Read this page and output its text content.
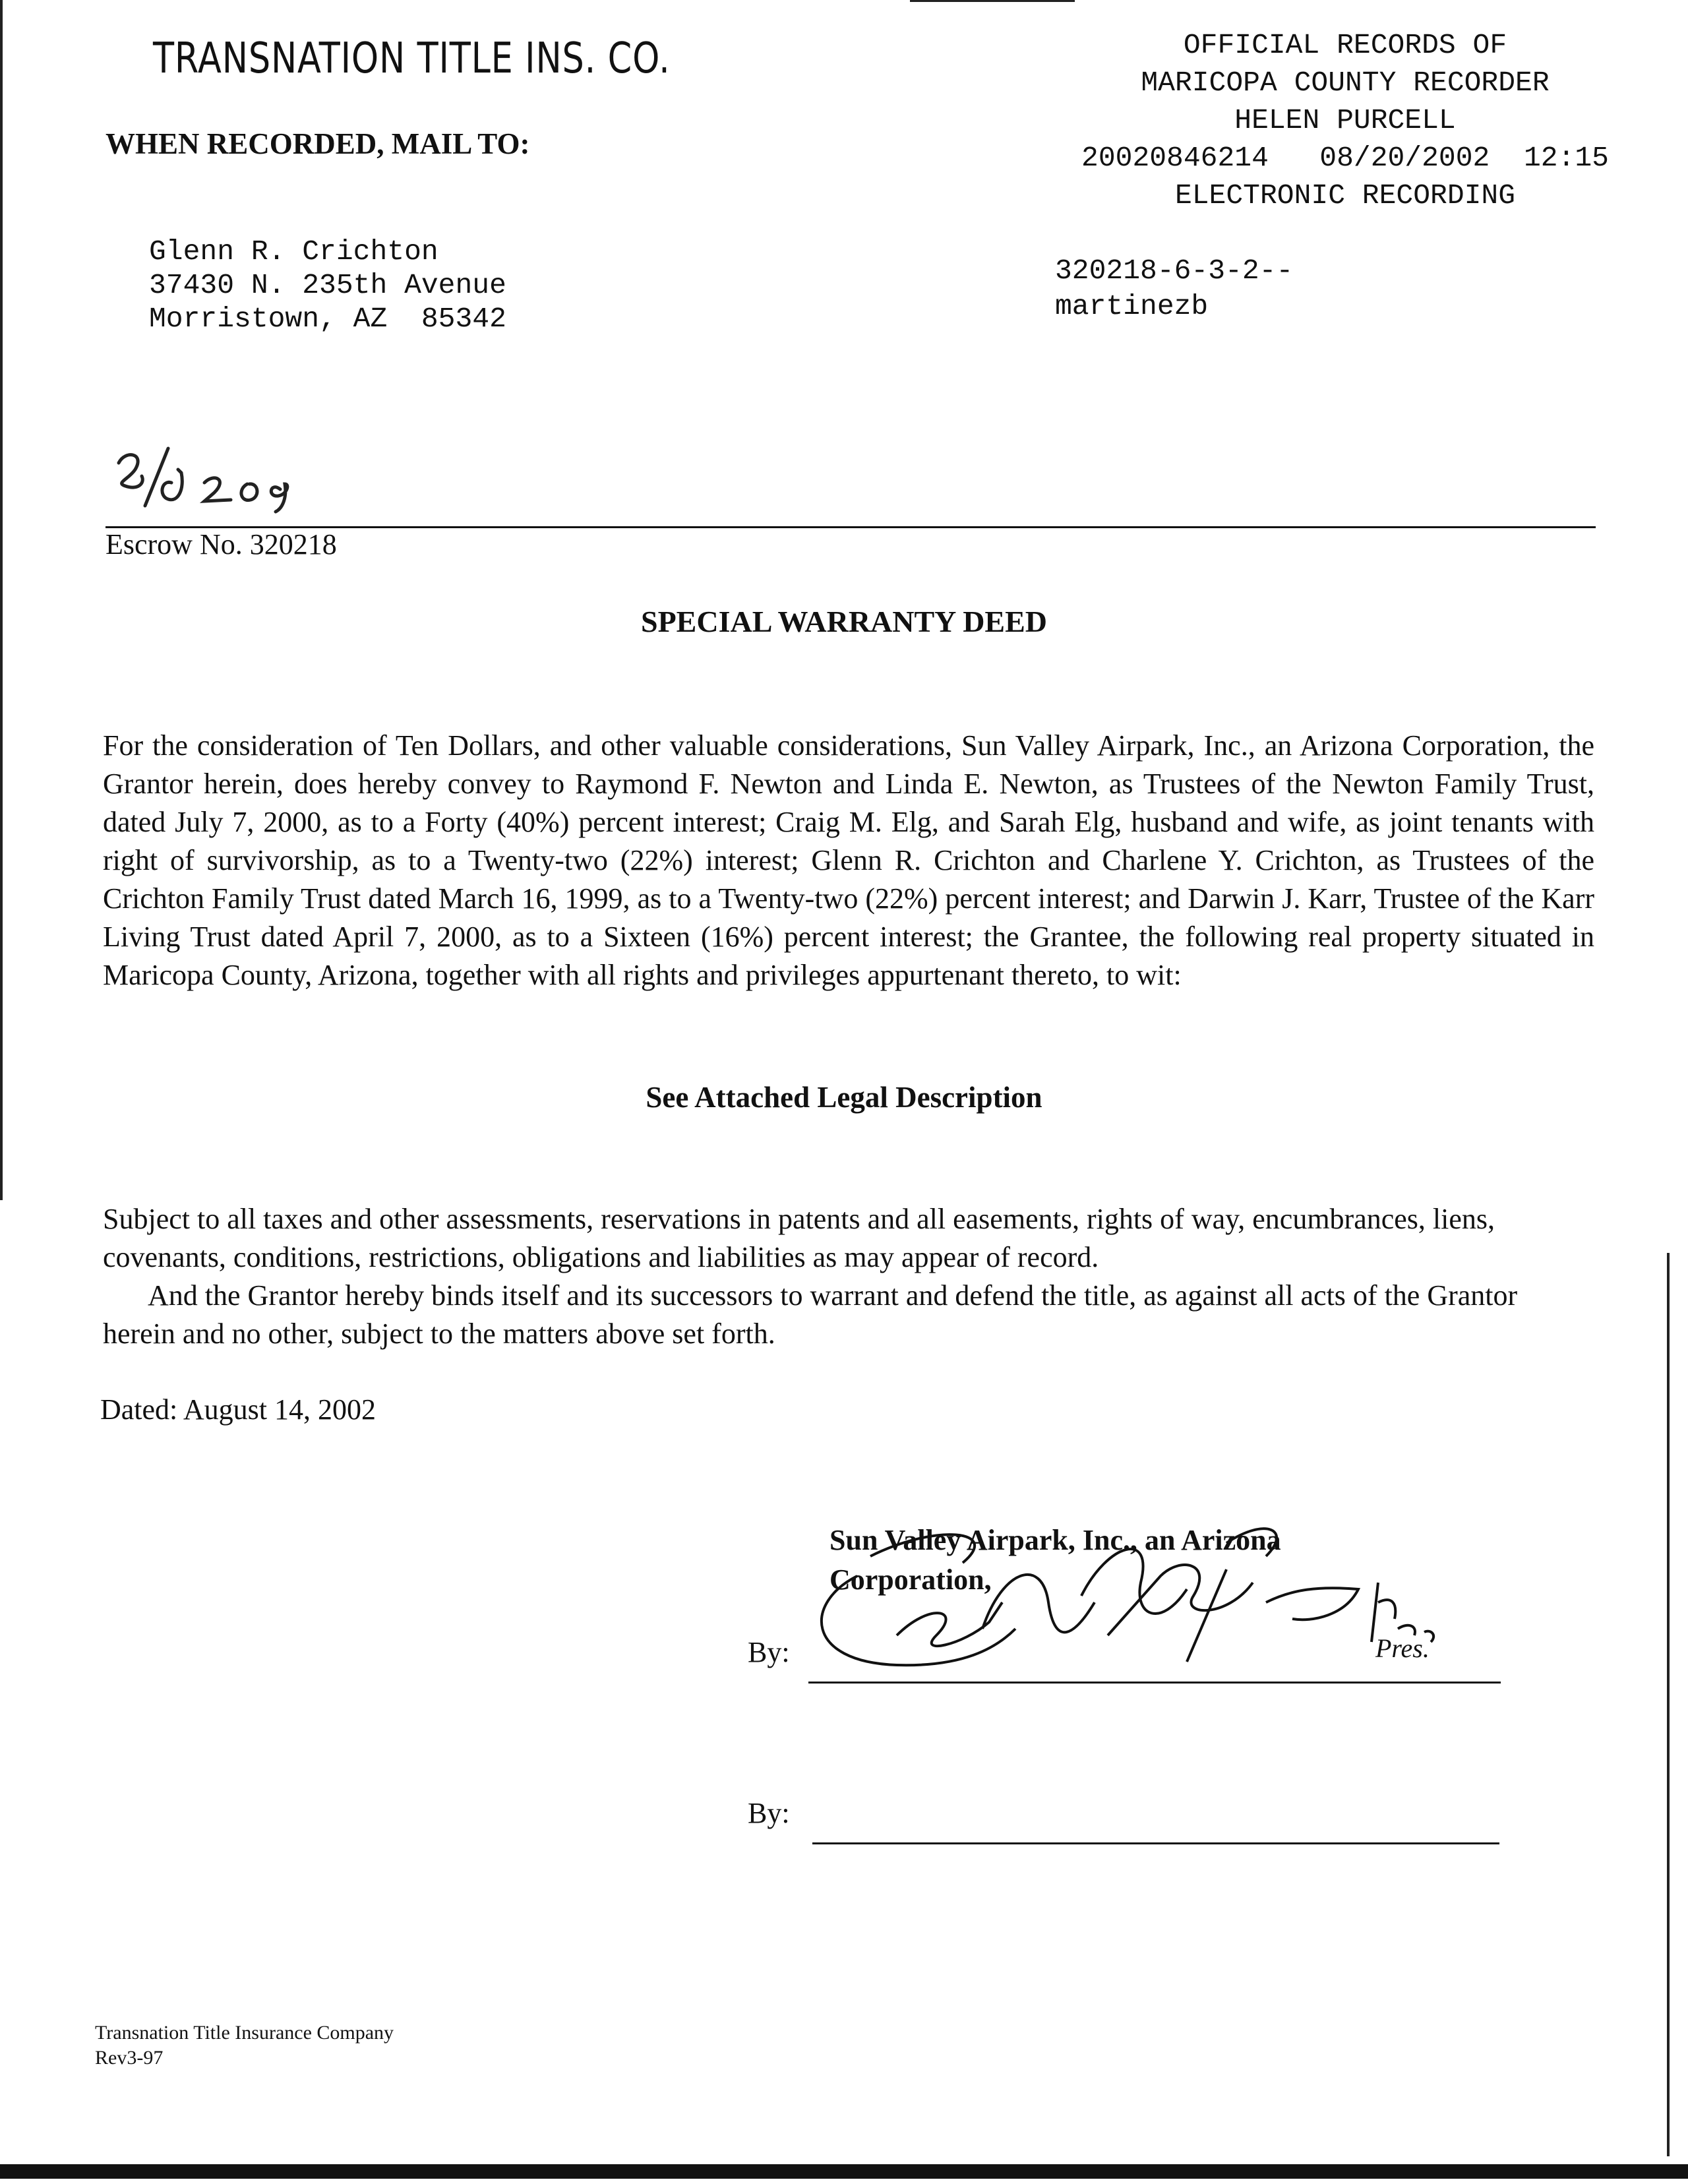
TRANSNATION TITLE INS. CO.
WHEN RECORDED, MAIL TO:
OFFICIAL RECORDS OF
MARICOPA COUNTY RECORDER
HELEN PURCELL
20020846214   08/20/2002  12:15
ELECTRONIC RECORDING
Glenn R. Crichton
37430 N. 235th Avenue
Morristown, AZ  85342
320218-6-3-2--
martinezb
Escrow No. 320218
SPECIAL WARRANTY DEED
For the consideration of Ten Dollars, and other valuable considerations, Sun Valley Airpark, Inc., an Arizona Corporation, the Grantor herein, does hereby convey to Raymond F. Newton and Linda E. Newton, as Trustees of the Newton Family Trust, dated July 7, 2000, as to a Forty (40%) percent interest; Craig M. Elg, and Sarah Elg, husband and wife, as joint tenants with right of survivorship, as to a Twenty-two (22%) interest; Glenn R. Crichton and Charlene Y. Crichton, as Trustees of the Crichton Family Trust dated March 16, 1999, as to a Twenty-two (22%) percent interest; and Darwin J. Karr, Trustee of the Karr Living Trust dated April 7, 2000, as to a Sixteen (16%) percent interest; the Grantee, the following real property situated in Maricopa County, Arizona, together with all rights and privileges appurtenant thereto, to wit:
See Attached Legal Description

Subject to all taxes and other assessments, reservations in patents and all easements, rights of way, encumbrances, liens, covenants, conditions, restrictions, obligations and liabilities as may appear of record.

And the Grantor hereby binds itself and its successors to warrant and defend the title, as against all acts of the Grantor herein and no other, subject to the matters above set forth.

Dated: August 14, 2002
Sun Valley Airpark, Inc., an Arizona
Corporation,
By:	Pres.
By:
Transnation Title Insurance Company
Rev3-97
